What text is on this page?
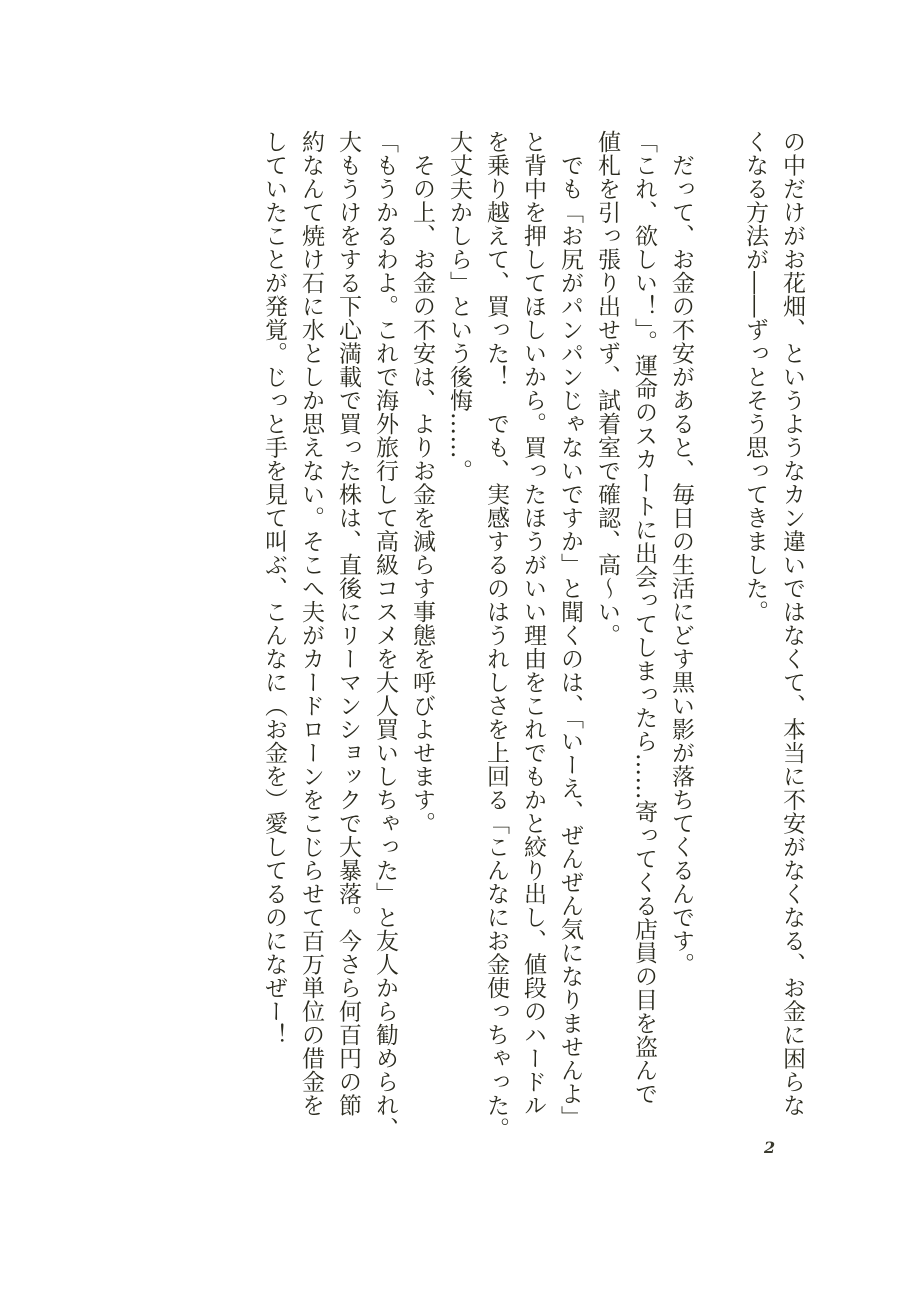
の中だけがお花畑、というようなカン違いではなくて、本当に不安がなくなる、お金に困らな
くなる方法が――ずっとそう思ってきました。

　だって、お金の不安があると、毎日の生活にどす黒い影が落ちてくるんです。
「これ、欲しい！」。運命のスカートに出会ってしまったら……寄ってくる店員の目を盗んで
値札を引っ張り出せず、試着室で確認、高〜い。
　でも「お尻がパンパンじゃないですか」と聞くのは、「いーえ、ぜんぜん気になりませんよ」
と背中を押してほしいから。買ったほうがいい理由をこれでもかと絞り出し、値段のハードル
を乗り越えて、買った！　でも、実感するのはうれしさを上回る「こんなにお金使っちゃった。
大丈夫かしら」という後悔……。
　その上、お金の不安は、よりお金を減らす事態を呼びよせます。
「もうかるわよ。これで海外旅行して高級コスメを大人買いしちゃった」と友人から勧められ、
大もうけをする下心満載で買った株は、直後にリーマンショックで大暴落。今さら何百円の節
約なんて焼け石に水としか思えない。そこへ夫がカードローンをこじらせて百万単位の借金を
していたことが発覚。じっと手を見て叫ぶ、こんなに（お金を）愛してるのになぜー！
2
